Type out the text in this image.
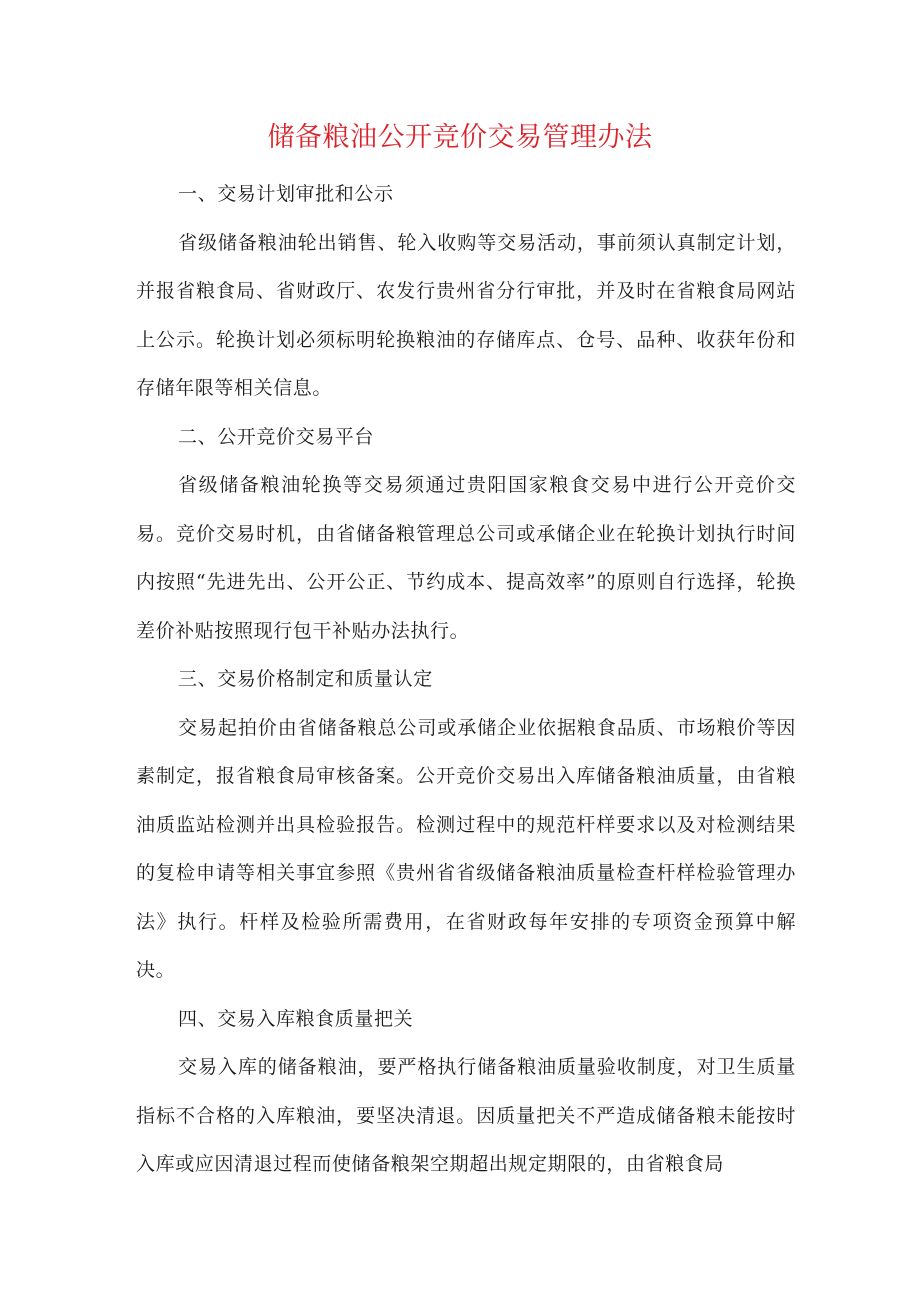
储备粮油公开竞价交易管理办法

一、交易计划审批和公示

省级储备粮油轮出销售、轮入收购等交易活动，事前须认真制定计划，并报省粮食局、省财政厅、农发行贵州省分行审批，并及时在省粮食局网站上公示。轮换计划必须标明轮换粮油的存储库点、仓号、品种、收获年份和存储年限等相关信息。

二、公开竞价交易平台

省级储备粮油轮换等交易须通过贵阳国家粮食交易中进行公开竞价交易。竞价交易时机，由省储备粮管理总公司或承储企业在轮换计划执行时间内按照“先进先出、公开公正、节约成本、提高效率”的原则自行选择，轮换差价补贴按照现行包干补贴办法执行。

三、交易价格制定和质量认定

交易起拍价由省储备粮总公司或承储企业依据粮食品质、市场粮价等因素制定，报省粮食局审核备案。公开竞价交易出入库储备粮油质量，由省粮油质监站检测并出具检验报告。检测过程中的规范杆样要求以及对检测结果的复检申请等相关事宜参照《贵州省省级储备粮油质量检查杆样检验管理办法》执行。杆样及检验所需费用，在省财政每年安排的专项资金预算中解决。

四、交易入库粮食质量把关

交易入库的储备粮油，要严格执行储备粮油质量验收制度，对卫生质量指标不合格的入库粮油，要坚决清退。因质量把关不严造成储备粮未能按时入库或应因清退过程而使储备粮架空期超出规定期限的，由省粮食局
